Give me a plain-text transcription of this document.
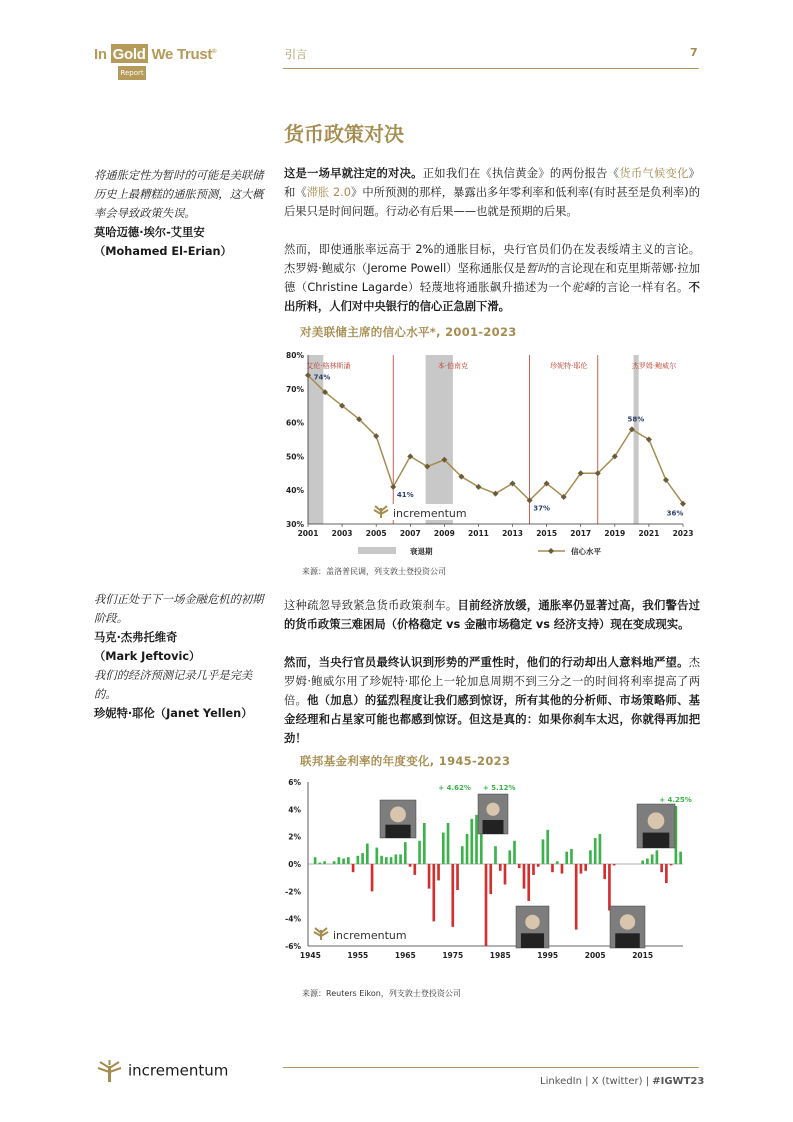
In Gold We Trust®
Report
引言	7
货币政策对决
将通胀定性为暂时的可能是美联储历史上最糟糕的通胀预测，这大概率会导致政策失误。
莫哈迈德·埃尔-艾里安
（Mohamed El-Erian）
这是一场早就注定的对决。正如我们在《执信黄金》的两份报告《货币气候变化》和《滞胀 2.0》中所预测的那样，暴露出多年零利率和低利率(有时甚至是负利率)的后果只是时间问题。行动必有后果——也就是预期的后果。
然而，即使通胀率远高于 2%的通胀目标，央行官员们仍在发表绥靖主义的言论。杰罗姆·鲍威尔（Jerome Powell）坚称通胀仅是暂时的言论现在和克里斯蒂娜·拉加德（Christine Lagarde）轻蔑地将通胀飙升描述为一个驼峰的言论一样有名。不出所料，人们对中央银行的信心正急剧下滑。
对美联储主席的信心水平*, 2001-2023
30%
40%
50%
60%
70%
80%
2001 2003 2005 2007 2009 2011 2013 2015 2017 2019 2021 2023
艾伦·格林斯潘	本·伯南克	珍妮特·耶伦	杰罗姆·鲍威尔
incrementum
74%
41%
37%
58%
36%
衰退期	信心水平
来源：盖洛普民调，列支敦士登投资公司
我们正处于下一场金融危机的初期阶段。
马克·杰弗托维奇
（Mark Jeftovic）
我们的经济预测记录几乎是完美的。
珍妮特·耶伦（Janet Yellen）
这种疏忽导致紧急货币政策刹车。目前经济放缓，通胀率仍显著过高，我们警告过的货币政策三难困局（价格稳定 vs 金融市场稳定 vs 经济支持）现在变成现实。
然而，当央行官员最终认识到形势的严重性时，他们的行动却出人意料地严望。杰罗姆·鲍威尔用了珍妮特·耶伦上一轮加息周期不到三分之一的时间将利率提高了两倍。他（加息）的猛烈程度让我们感到惊讶，所有其他的分析师、市场策略师、基金经理和占星家可能也都感到惊讶。但这是真的：如果你刹车太迟，你就得再加把劲！
联邦基金利率的年度变化, 1945-2023
-6%
-4%
-2%
0%
2%
4%
6%
1945	1955	1965	1975	1985	1995	2005	2015
incrementum
+ 4.62% + 5.12%
+ 4.25%
来源：Reuters Eikon，列支敦士登投资公司
incrementum
LinkedIn | X (twitter) | #IGWT23
